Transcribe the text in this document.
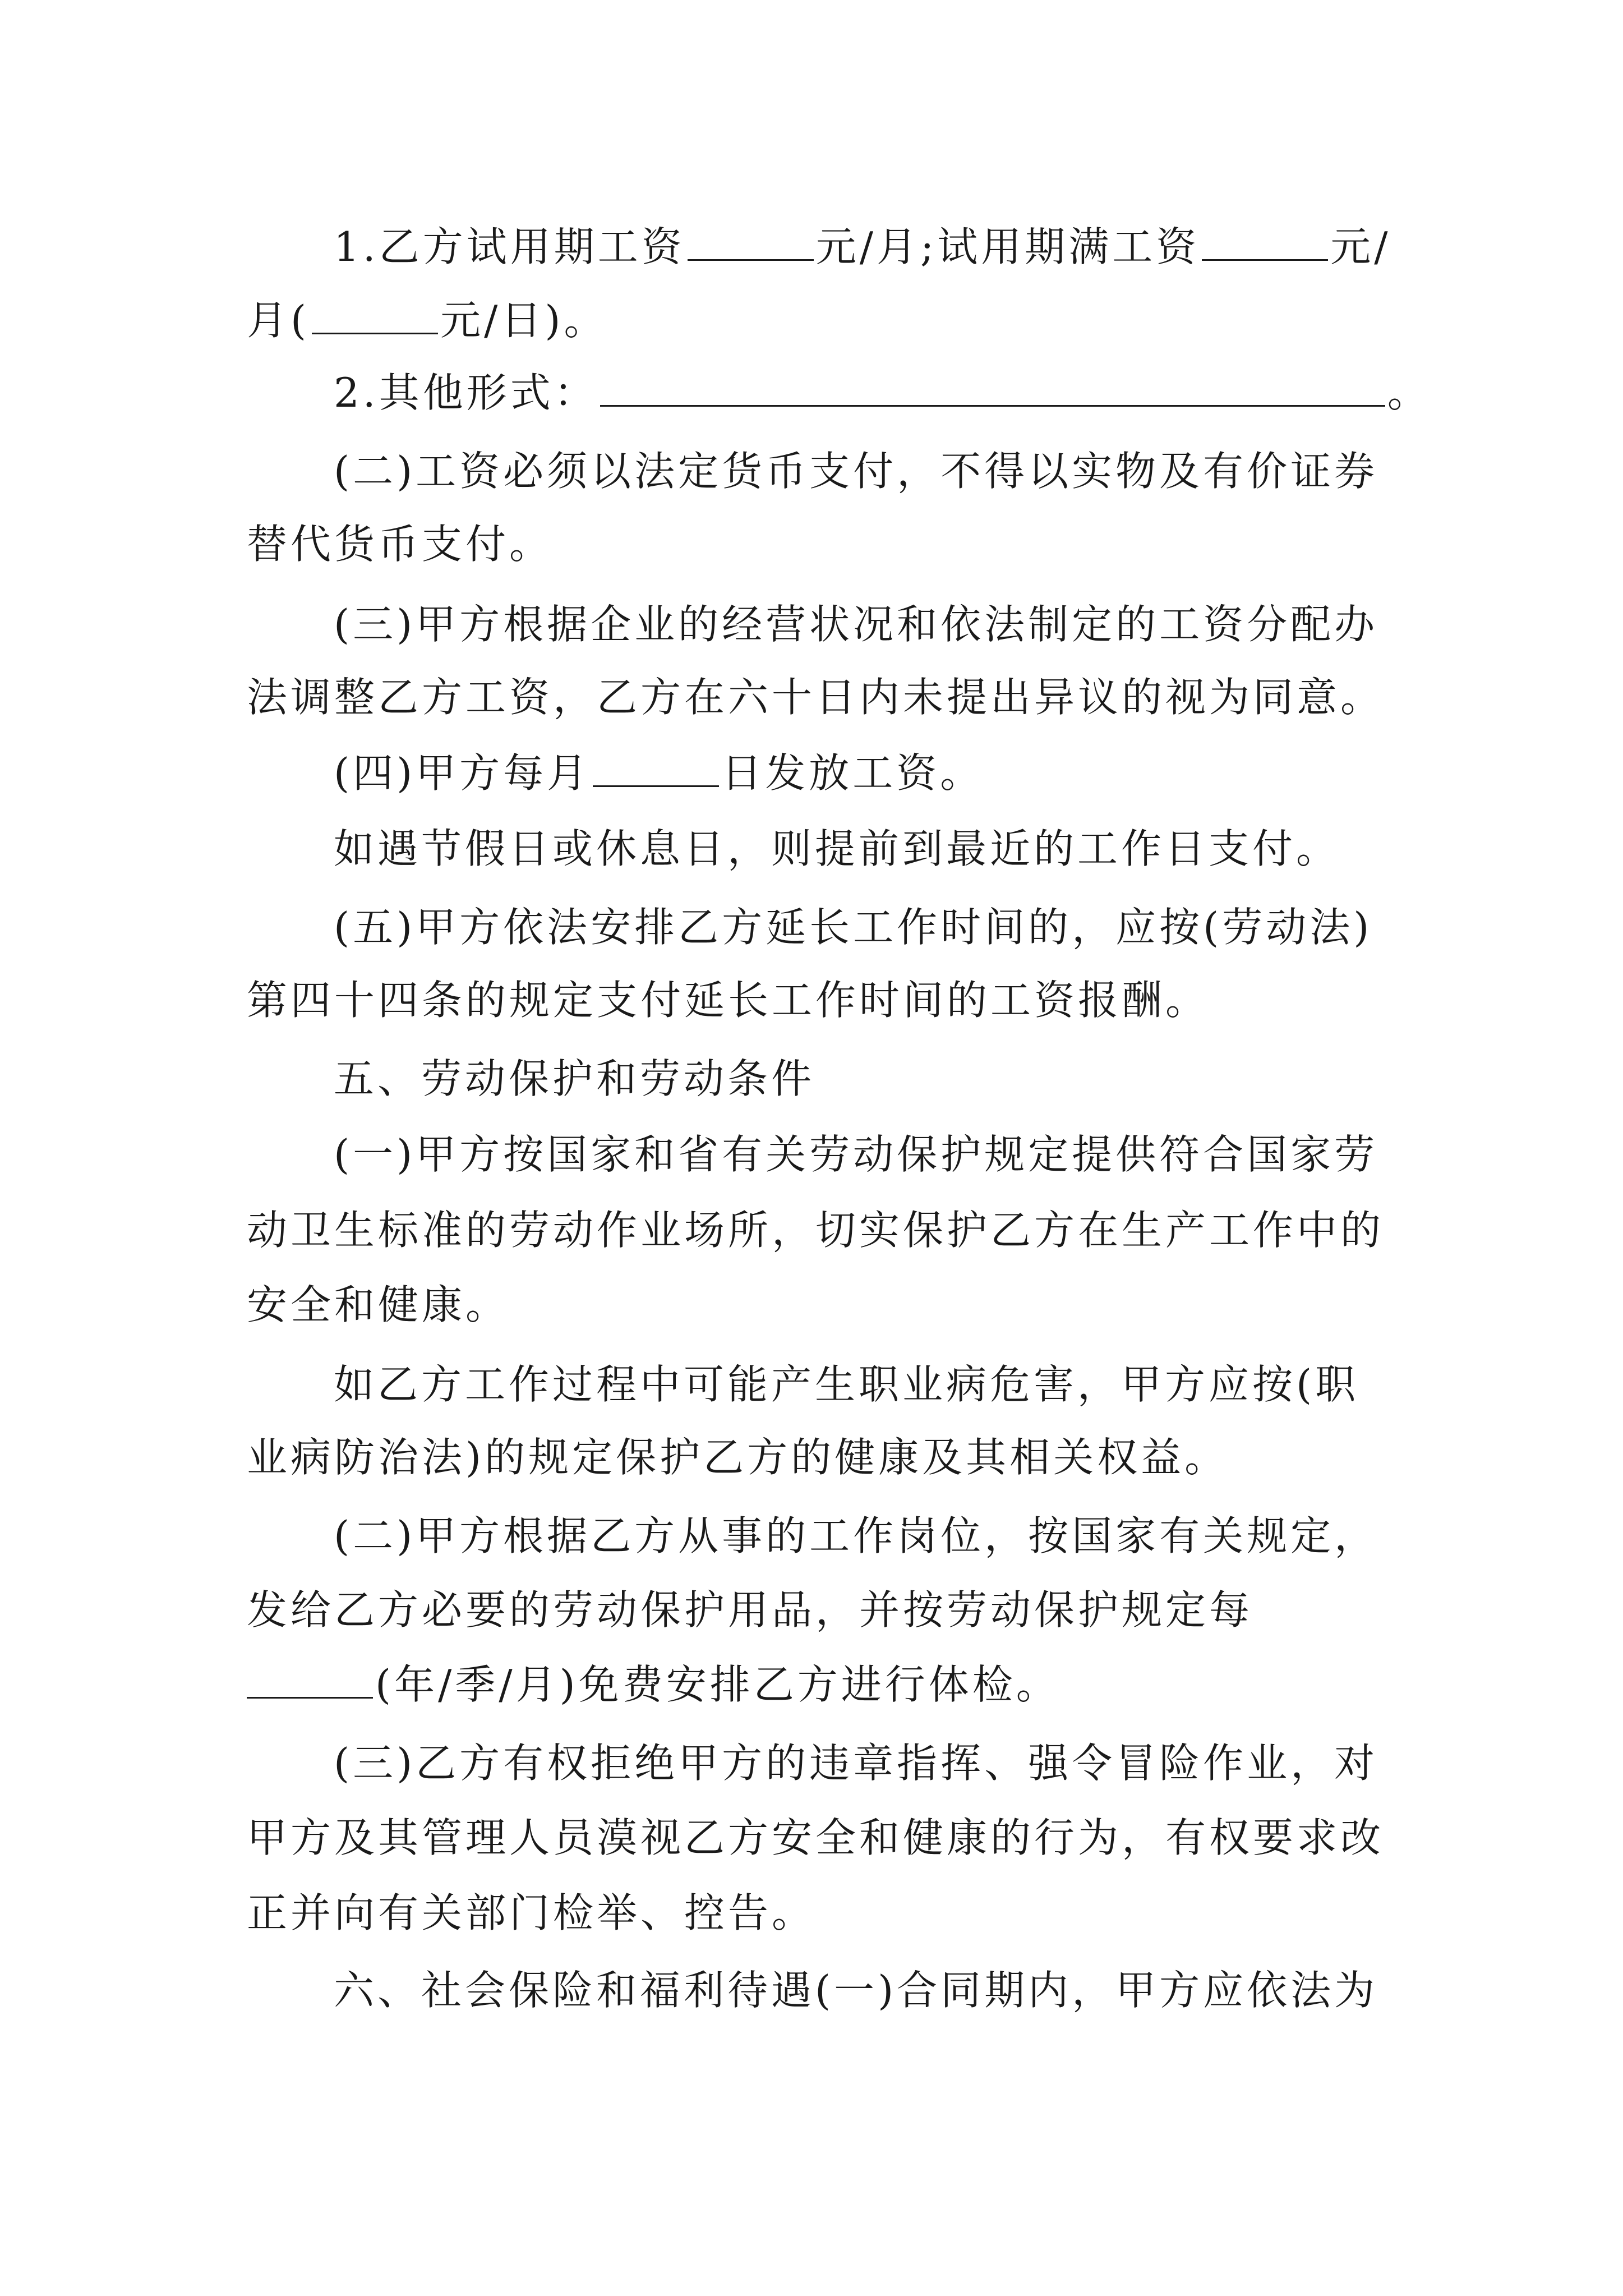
1.乙方试用期工资	元/月;试用期满工资	元/
月(	元/日)。
2.其他形式：	。
(二)工资必须以法定货币支付，不得以实物及有价证券
替代货币支付。
(三)甲方根据企业的经营状况和依法制定的工资分配办
法调整乙方工资，乙方在六十日内未提出异议的视为同意。
(四)甲方每月	日发放工资。
如遇节假日或休息日，则提前到最近的工作日支付。
(五)甲方依法安排乙方延长工作时间的，应按(劳动法)
第四十四条的规定支付延长工作时间的工资报酬。
五、劳动保护和劳动条件
(一)甲方按国家和省有关劳动保护规定提供符合国家劳
动卫生标准的劳动作业场所，切实保护乙方在生产工作中的
安全和健康。
如乙方工作过程中可能产生职业病危害，甲方应按(职
业病防治法)的规定保护乙方的健康及其相关权益。
(二)甲方根据乙方从事的工作岗位，按国家有关规定，
发给乙方必要的劳动保护用品，并按劳动保护规定每
(年/季/月)免费安排乙方进行体检。
(三)乙方有权拒绝甲方的违章指挥、强令冒险作业，对
甲方及其管理人员漠视乙方安全和健康的行为，有权要求改
正并向有关部门检举、控告。
六、社会保险和福利待遇(一)合同期内，甲方应依法为
